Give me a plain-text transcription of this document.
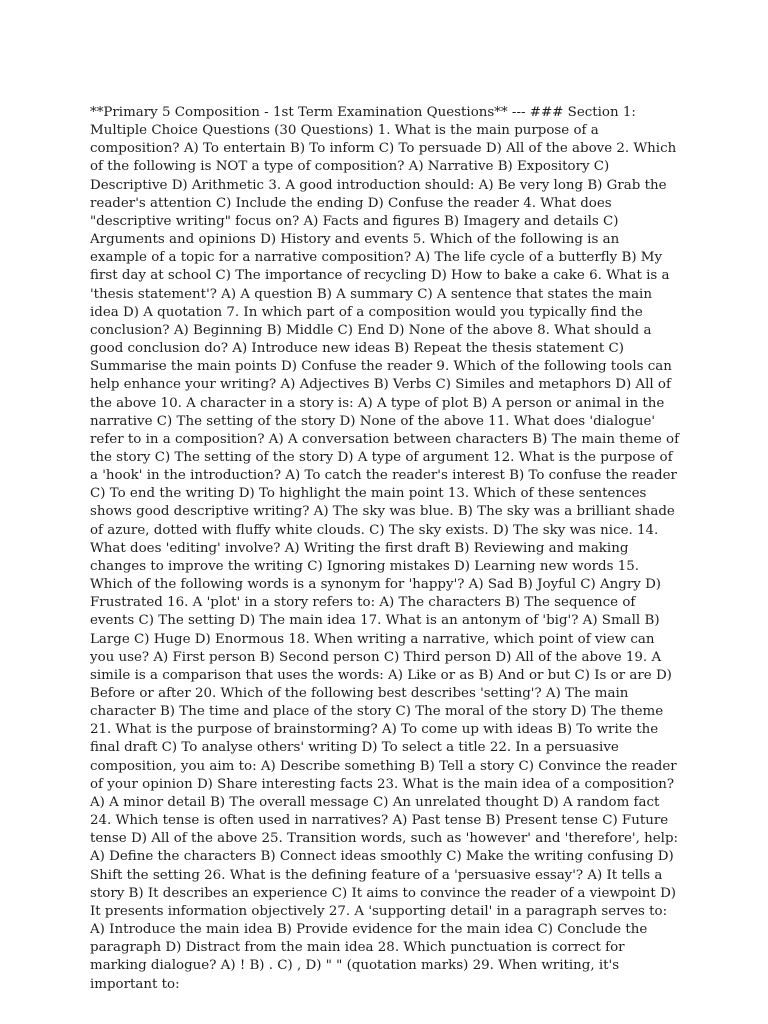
**Primary 5 Composition - 1st Term Examination Questions** --- ### Section 1: Multiple Choice Questions (30 Questions) 1. What is the main purpose of a composition? A) To entertain B) To inform C) To persuade D) All of the above 2. Which of the following is NOT a type of composition? A) Narrative B) Expository C) Descriptive D) Arithmetic 3. A good introduction should: A) Be very long B) Grab the reader's attention C) Include the ending D) Confuse the reader 4. What does "descriptive writing" focus on? A) Facts and figures B) Imagery and details C) Arguments and opinions D) History and events 5. Which of the following is an example of a topic for a narrative composition? A) The life cycle of a butterfly B) My first day at school C) The importance of recycling D) How to bake a cake 6. What is a 'thesis statement'? A) A question B) A summary C) A sentence that states the main idea D) A quotation 7. In which part of a composition would you typically find the conclusion? A) Beginning B) Middle C) End D) None of the above 8. What should a good conclusion do? A) Introduce new ideas B) Repeat the thesis statement C) Summarise the main points D) Confuse the reader 9. Which of the following tools can help enhance your writing? A) Adjectives B) Verbs C) Similes and metaphors D) All of the above 10. A character in a story is: A) A type of plot B) A person or animal in the narrative C) The setting of the story D) None of the above 11. What does 'dialogue' refer to in a composition? A) A conversation between characters B) The main theme of the story C) The setting of the story D) A type of argument 12. What is the purpose of a 'hook' in the introduction? A) To catch the reader's interest B) To confuse the reader C) To end the writing D) To highlight the main point 13. Which of these sentences shows good descriptive writing? A) The sky was blue. B) The sky was a brilliant shade of azure, dotted with fluffy white clouds. C) The sky exists. D) The sky was nice. 14. What does 'editing' involve? A) Writing the first draft B) Reviewing and making changes to improve the writing C) Ignoring mistakes D) Learning new words 15. Which of the following words is a synonym for 'happy'? A) Sad B) Joyful C) Angry D) Frustrated 16. A 'plot' in a story refers to: A) The characters B) The sequence of events C) The setting D) The main idea 17. What is an antonym of 'big'? A) Small B) Large C) Huge D) Enormous 18. When writing a narrative, which point of view can you use? A) First person B) Second person C) Third person D) All of the above 19. A simile is a comparison that uses the words: A) Like or as B) And or but C) Is or are D) Before or after 20. Which of the following best describes 'setting'? A) The main character B) The time and place of the story C) The moral of the story D) The theme 21. What is the purpose of brainstorming? A) To come up with ideas B) To write the final draft C) To analyse others' writing D) To select a title 22. In a persuasive composition, you aim to: A) Describe something B) Tell a story C) Convince the reader of your opinion D) Share interesting facts 23. What is the main idea of a composition? A) A minor detail B) The overall message C) An unrelated thought D) A random fact 24. Which tense is often used in narratives? A) Past tense B) Present tense C) Future tense D) All of the above 25. Transition words, such as 'however' and 'therefore', help: A) Define the characters B) Connect ideas smoothly C) Make the writing confusing D) Shift the setting 26. What is the defining feature of a 'persuasive essay'? A) It tells a story B) It describes an experience C) It aims to convince the reader of a viewpoint D) It presents information objectively 27. A 'supporting detail' in a paragraph serves to: A) Introduce the main idea B) Provide evidence for the main idea C) Conclude the paragraph D) Distract from the main idea 28. Which punctuation is correct for marking dialogue? A) ! B) . C) , D) " " (quotation marks) 29. When writing, it's important to:
